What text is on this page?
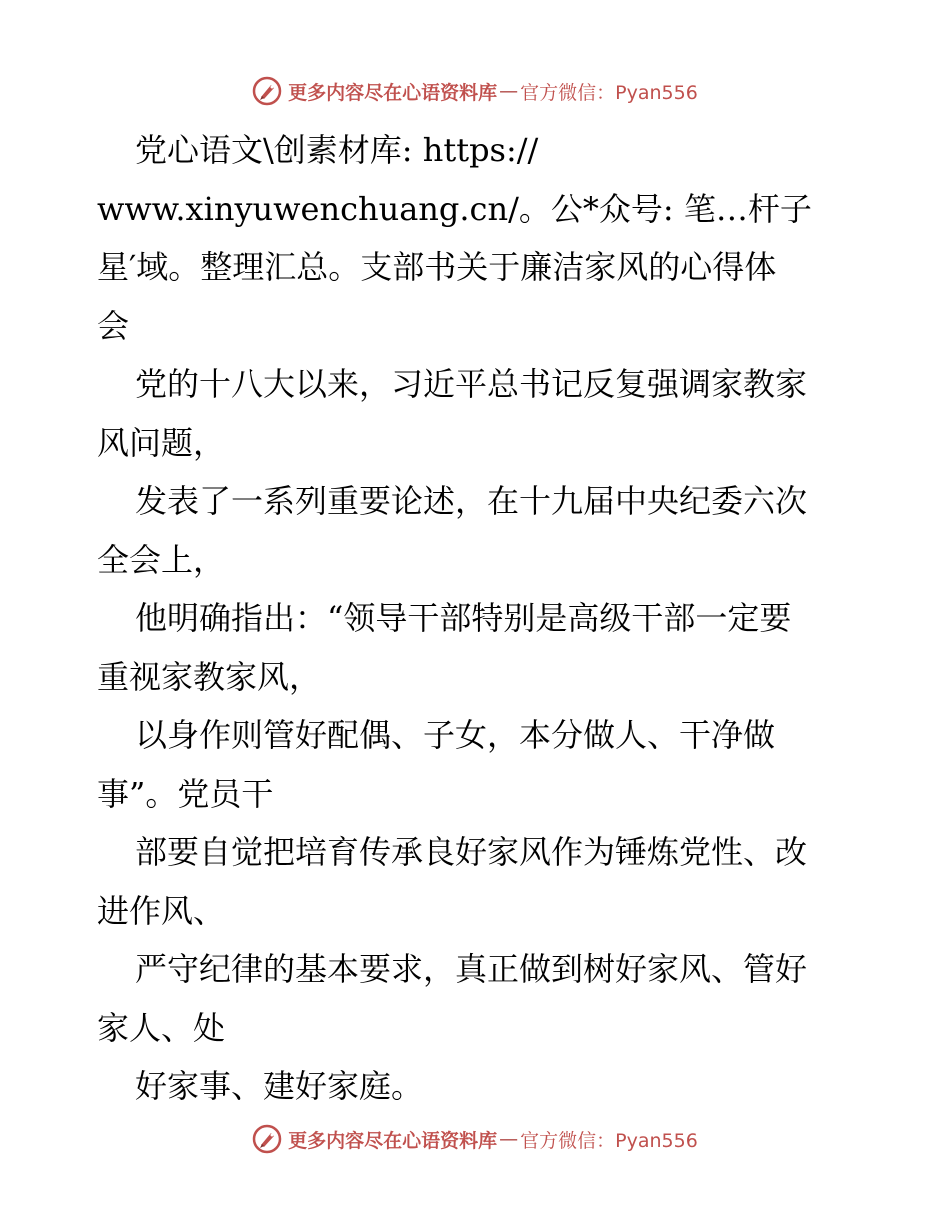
更多内容尽在心语资料库 — 官方微信：Pyan556
党心语文\创素材库: https://
www.xinyuwenchuang.cn/。公*众号: 笔…杆子
星′域。整理汇总。支部书关于廉洁家风的心得体
会
党的十八大以来，习近平总书记反复强调家教家
风问题，
发表了一系列重要论述，在十九届中央纪委六次
全会上，
他明确指出：“领导干部特别是高级干部一定要
重视家教家风，
以身作则管好配偶、子女，本分做人、干净做
事”。党员干
部要自觉把培育传承良好家风作为锤炼党性、改
进作风、
严守纪律的基本要求，真正做到树好家风、管好
家人、处
好家事、建好家庭。
更多内容尽在心语资料库 — 官方微信：Pyan556
